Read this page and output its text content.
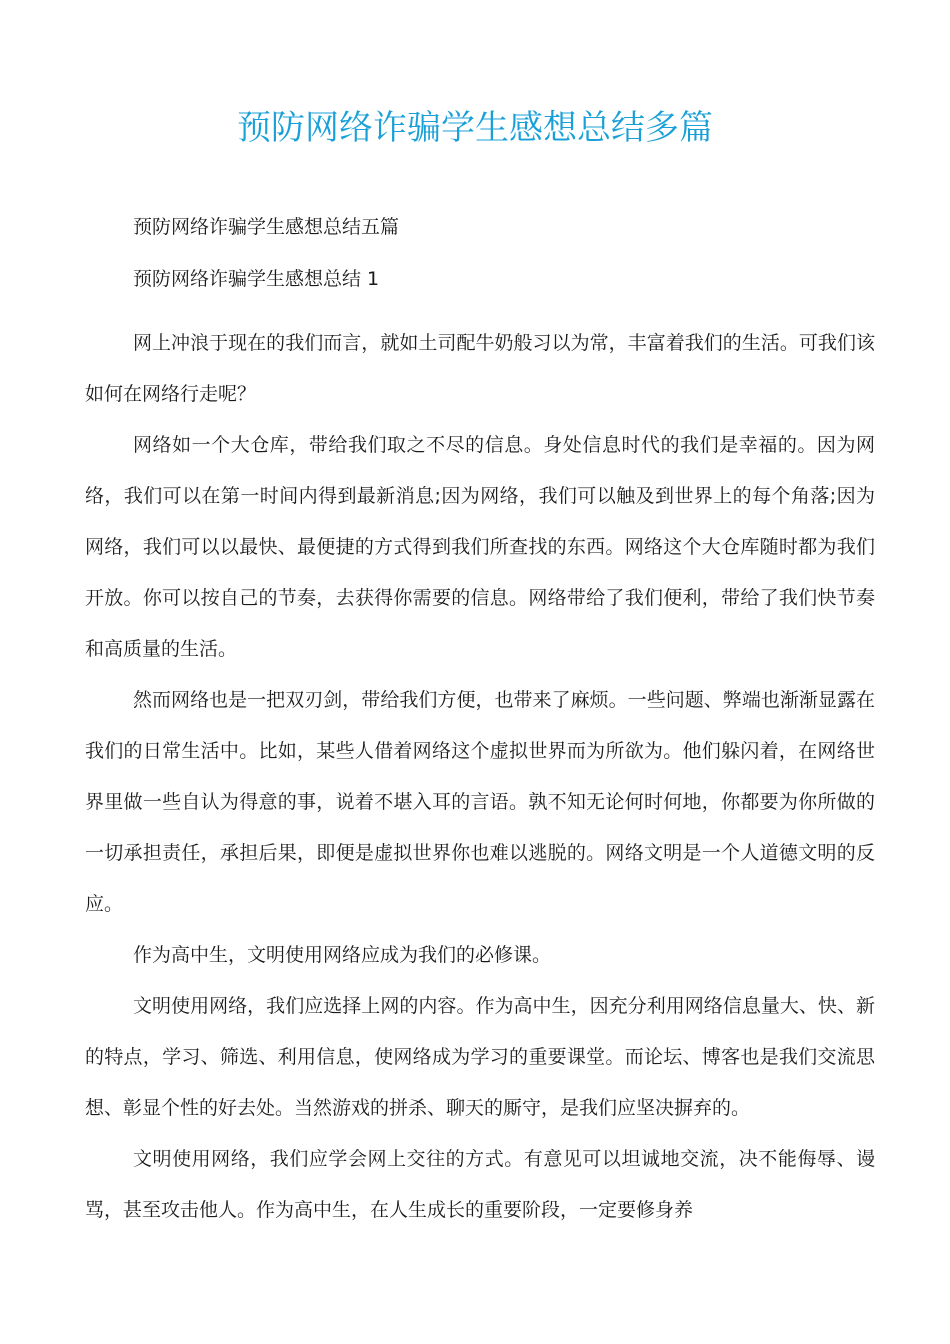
预防网络诈骗学生感想总结多篇

预防网络诈骗学生感想总结五篇

预防网络诈骗学生感想总结 1

网上冲浪于现在的我们而言，就如土司配牛奶般习以为常，丰富着我们的生活。可我们该如何在网络行走呢？

网络如一个大仓库，带给我们取之不尽的信息。身处信息时代的我们是幸福的。因为网络，我们可以在第一时间内得到最新消息;因为网络，我们可以触及到世界上的每个角落;因为网络，我们可以以最快、最便捷的方式得到我们所查找的东西。网络这个大仓库随时都为我们开放。你可以按自己的节奏，去获得你需要的信息。网络带给了我们便利，带给了我们快节奏和高质量的生活。

然而网络也是一把双刃剑，带给我们方便，也带来了麻烦。一些问题、弊端也渐渐显露在我们的日常生活中。比如，某些人借着网络这个虚拟世界而为所欲为。他们躲闪着，在网络世界里做一些自认为得意的事，说着不堪入耳的言语。孰不知无论何时何地，你都要为你所做的一切承担责任，承担后果，即便是虚拟世界你也难以逃脱的。网络文明是一个人道德文明的反应。

作为高中生，文明使用网络应成为我们的必修课。

文明使用网络，我们应选择上网的内容。作为高中生，因充分利用网络信息量大、快、新的特点，学习、筛选、利用信息，使网络成为学习的重要课堂。而论坛、博客也是我们交流思想、彰显个性的好去处。当然游戏的拼杀、聊天的厮守，是我们应坚决摒弃的。

文明使用网络，我们应学会网上交往的方式。有意见可以坦诚地交流，决不能侮辱、谩骂，甚至攻击他人。作为高中生，在人生成长的重要阶段，一定要修身养
